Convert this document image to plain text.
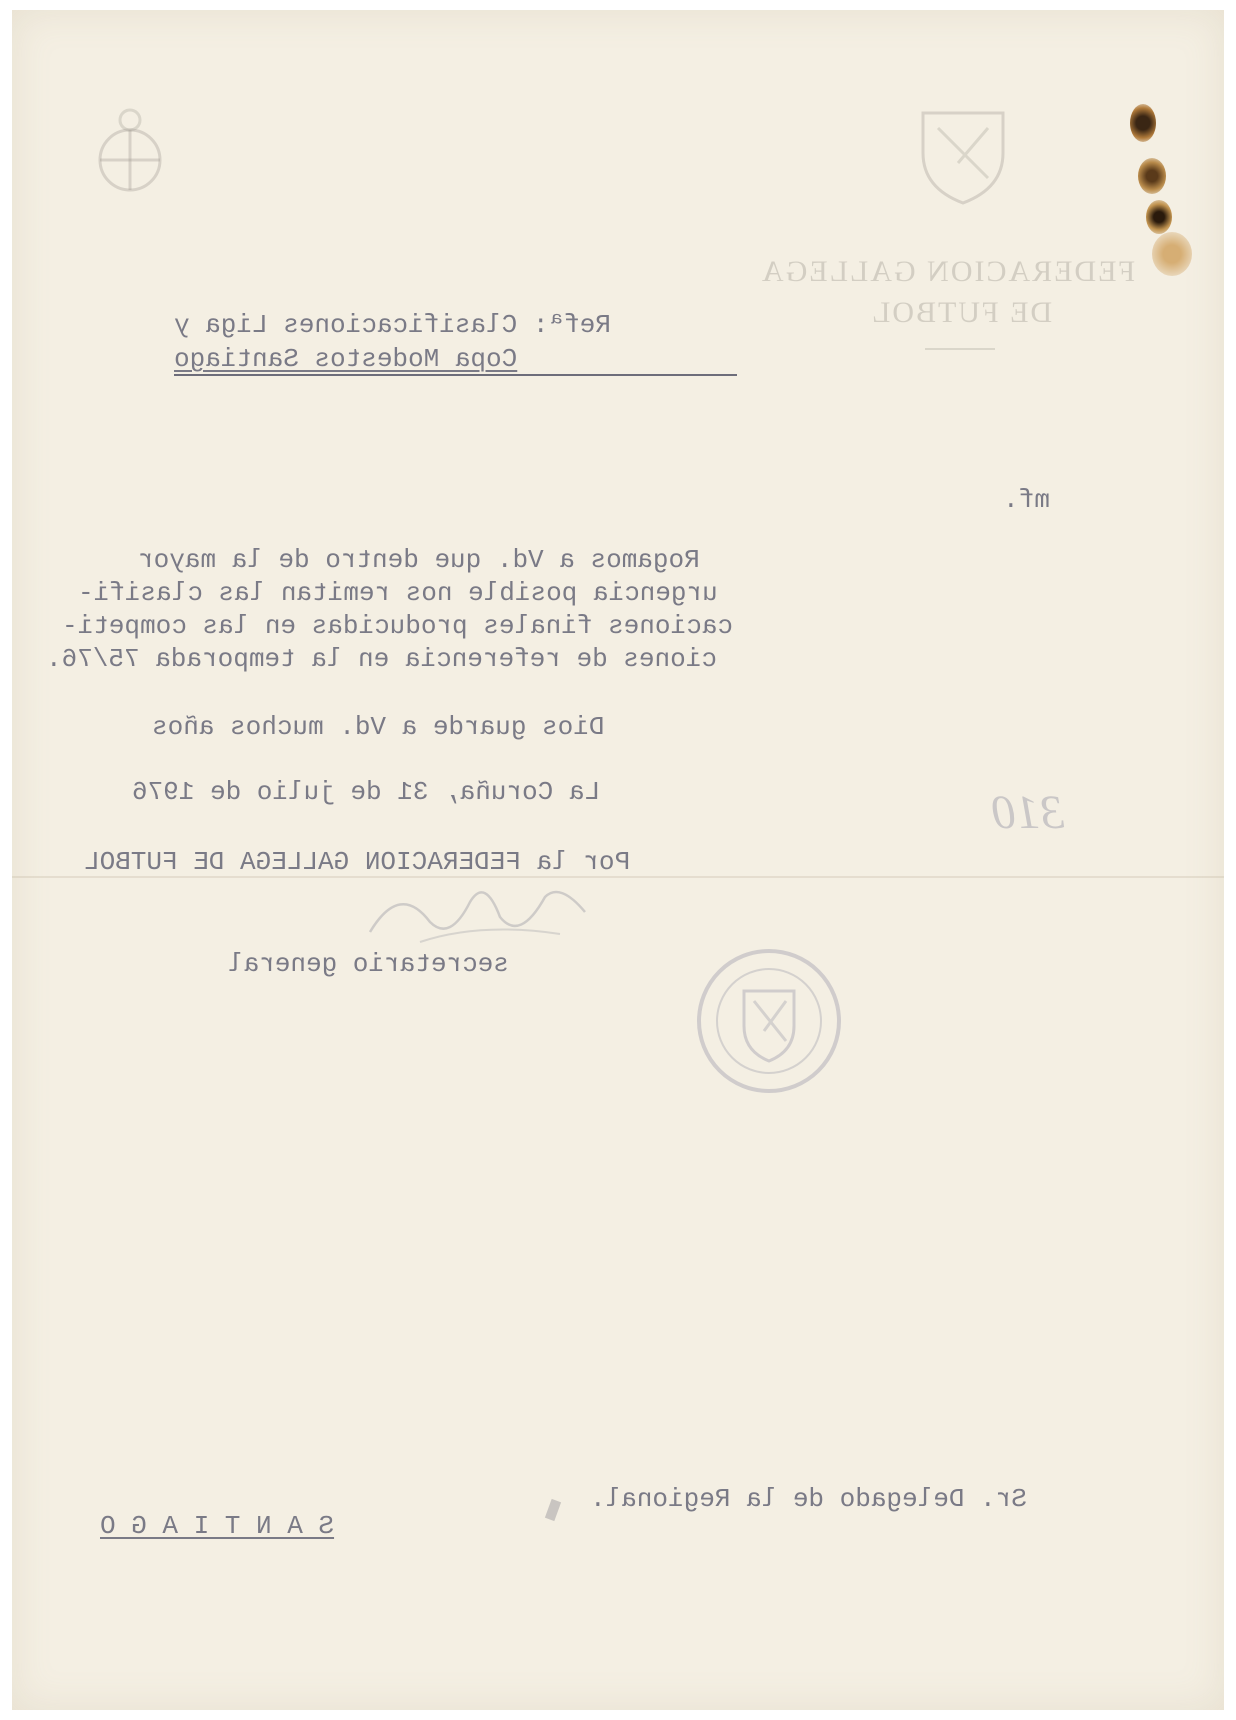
FEDERACION GALLEGA
DE FUTBOL
Refª: Clasificaciones Liga y
Copa Modestos Santiago
mf.
Rogamos a Vd. que dentro de la mayor
urgencia posible nos remitan las clasifi-
caciones finales producidas en las competi-
ciones de referencia en la temporada 75/76.
Dios guarde a Vd. muchos años
La Coruña, 31 de julio de 1976	310
Por la FEDERACION GALLEGA DE FUTBOL
secretario general
Sr. Delegado de la Regional.
S A N T I A G O
